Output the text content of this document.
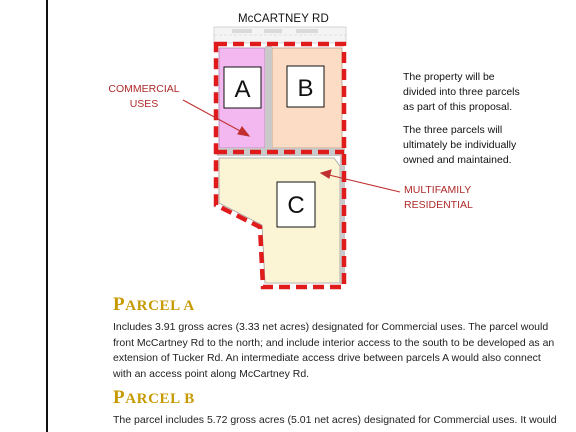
McCARTNEY RD
A B
C
COMMERCIAL
USES
MULTIFAMILY
RESIDENTIAL
The property will be
divided into three parcels
as part of this proposal.
The three parcels will
ultimately be individually
owned and maintained.
PARCEL A
Includes 3.91 gross acres (3.33 net acres) designated for Commercial uses. The parcel would
front McCartney Rd to the north; and include interior access to the south to be developed as an
extension of Tucker Rd. An intermediate access drive between parcels A would also connect
with an access point along McCartney Rd.
PARCEL B
The parcel includes 5.72 gross acres (5.01 net acres) designated for Commercial uses. It would
